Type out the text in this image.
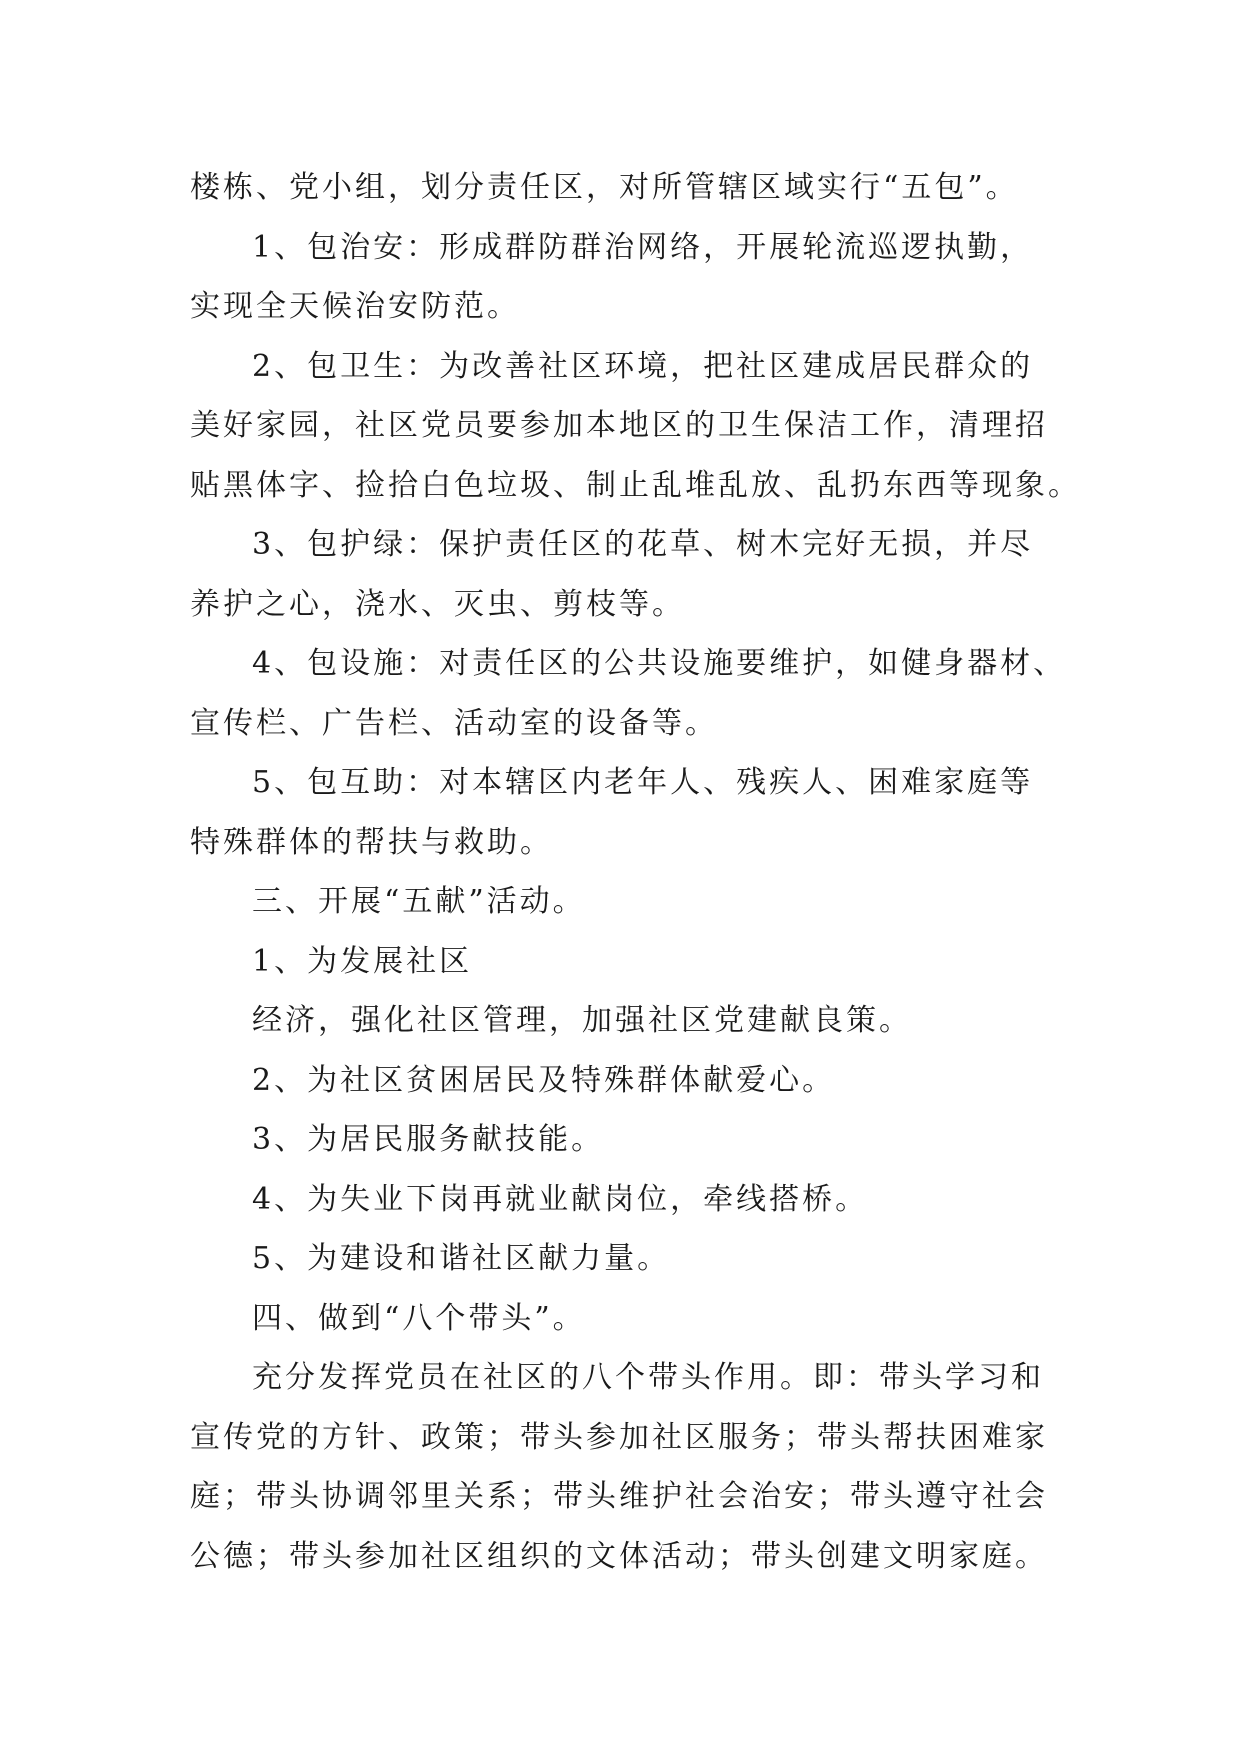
楼栋、党小组，划分责任区，对所管辖区域实行“五包”。
1、包治安：形成群防群治网络，开展轮流巡逻执勤，
实现全天候治安防范。
2、包卫生：为改善社区环境，把社区建成居民群众的
美好家园，社区党员要参加本地区的卫生保洁工作，清理招
贴黑体字、捡拾白色垃圾、制止乱堆乱放、乱扔东西等现象。
3、包护绿：保护责任区的花草、树木完好无损，并尽
养护之心，浇水、灭虫、剪枝等。
4、包设施：对责任区的公共设施要维护，如健身器材、
宣传栏、广告栏、活动室的设备等。
5、包互助：对本辖区内老年人、残疾人、困难家庭等
特殊群体的帮扶与救助。
三、开展“五献”活动。
1、为发展社区
经济，强化社区管理，加强社区党建献良策。
2、为社区贫困居民及特殊群体献爱心。
3、为居民服务献技能。
4、为失业下岗再就业献岗位，牵线搭桥。
5、为建设和谐社区献力量。
四、做到“八个带头”。
充分发挥党员在社区的八个带头作用。即：带头学习和
宣传党的方针、政策；带头参加社区服务；带头帮扶困难家
庭；带头协调邻里关系；带头维护社会治安；带头遵守社会
公德；带头参加社区组织的文体活动；带头创建文明家庭。
